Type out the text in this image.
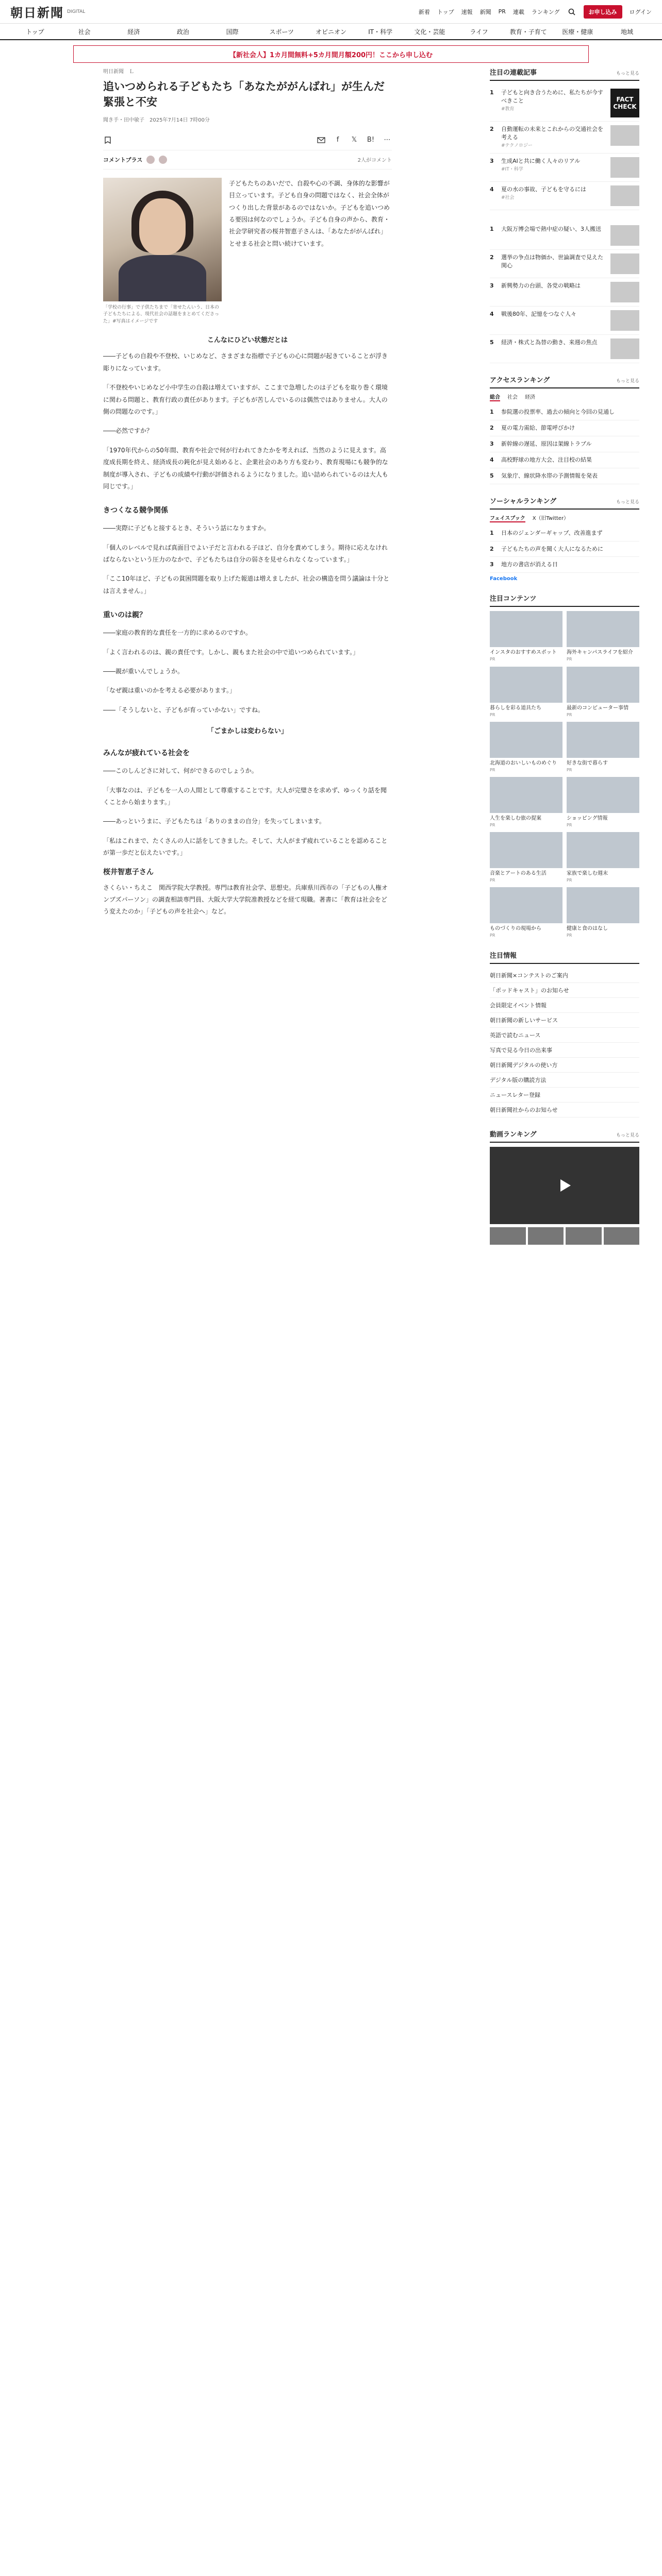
朝日新聞 DIGITAL	新着 トップ 速報 新聞 PR 連載 ランキング	お申し込み	ログイン
トップ	社会	経済	政治	国際	スポーツ	オピニオン	IT・科学	文化・芸能	ライフ	教育・子育て	医療・健康	地域
【新社会人】1カ月間無料+5カ月間月額200円！ここから申し込む
明日新聞　Ｌ
追いつめられる子どもたち「あなたががんばれ」が生んだ緊張と不安
聞き手・田中敏子　2025年7月14日 7時00分
f	𝕏 B! ⋯
コメントプラス	2人がコメント
「学校の行事」で子供たちまで「寄せたんいう、日本の子どもたちによる、現代社会の話題をまとめてくださった」#写真はイメージです
子どもたちのあいだで、自殺や心の不調、身体的な影響が目立っています。子ども自身の問題ではなく、社会全体がつくり出した背景があるのではないか。子どもを追いつめる要因は何なのでしょうか。子ども自身の声から、教育・社会学研究者の桜井智恵子さんは、「あなたががんばれ」とせまる社会と問い続けています。
こんなにひどい状態だとは

――子どもの自殺や不登校、いじめなど、さまざまな指標で子どもの心に問題が起きていることが浮き彫りになっています。

「不登校やいじめなど小中学生の自殺は増えていますが、ここまで急増したのは子どもを取り巻く環境に関わる問題と、教育行政の責任があります。子どもが苦しんでいるのは偶然ではありません。大人の側の問題なのです。」

――必然ですか？

「1970年代からの50年間、教育や社会で何が行われてきたかを考えれば、当然のように見えます。高度成長期を終え、経済成長の鈍化が見え始めると、企業社会のあり方も変わり、教育現場にも競争的な制度が導入され、子どもの成績や行動が評価されるようになりました。追い詰められているのは大人も同じです。」

きつくなる競争関係

――実際に子どもと接するとき、そういう話になりますか。

「個人のレベルで見れば真面目でよい子だと言われる子ほど、自分を責めてしまう。期待に応えなければならないという圧力のなかで、子どもたちは自分の弱さを見せられなくなっています。」

「ここ10年ほど、子どもの貧困問題を取り上げた報道は増えましたが、社会の構造を問う議論は十分とは言えません。」

重いのは親？

――家庭の教育的な責任を一方的に求めるのですか。

「よく言われるのは、親の責任です。しかし、親もまた社会の中で追いつめられています。」

――親が重いんでしょうか。

「なぜ親は重いのかを考える必要があります。」

――「そうしないと、子どもが育っていかない」ですね。

「ごまかしは変わらない」
みんなが疲れている社会を

――このしんどさに対して、何ができるのでしょうか。

「大事なのは、子どもを一人の人間として尊重することです。大人が完璧さを求めず、ゆっくり話を聞くことから始まります。」

――あっというまに、子どもたちは「ありのままの自分」を失ってしまいます。

「私はこれまで、たくさんの人に話をしてきました。そして、大人がまず疲れていることを認めることが第一歩だと伝えたいです。」

桜井智恵子さん

さくらい・ちえこ　関西学院大学教授。専門は教育社会学、思想史。兵庫県川西市の「子どもの人権オンブズパーソン」の調査相談専門員、大阪大学大学院准教授などを経て現職。著書に「教育は社会をどう変えたのか」「子どもの声を社会へ」など。

注目の連載記事	もっと見る
1	子どもと向き合うために、私たちが今すべきこと
#教育
FACT CHECK
2	自動運転の未来とこれからの交通社会を考える
#テクノロジー
3	生成AIと共に働く人々のリアル
#IT・科学
4	夏の水の事故、子どもを守るには
#社会
1	大阪万博会場で熱中症の疑い、3人搬送
2	選挙の争点は物価か、世論調査で見えた関心
3	新興勢力の台頭、各党の戦略は
4	戦後80年、記憶をつなぐ人々
5	経済・株式と為替の動き、来週の焦点
アクセスランキング	もっと見る
総合 社会 経済
1	参院選の投票率、過去の傾向と今回の見通し
2	夏の電力需給、節電呼びかけ
3	新幹線の遅延、原因は架線トラブル
4	高校野球の地方大会、注目校の結果
5	気象庁、線状降水帯の予測情報を発表
ソーシャルランキング	もっと見る
フェイスブック X（旧Twitter）
1	日本のジェンダーギャップ、改善進まず
2	子どもたちの声を聞く大人になるために
3	地方の書店が消える日
Facebook
注目コンテンツ
インスタのおすすめスポット
PR
海外キャンパスライフを紹介
PR
暮らしを彩る道具たち
PR
最新のコンピューター事情
PR
北海道のおいしいものめぐり
PR
好きな街で暮らす
PR
人生を楽しむ旅の提案
PR
ショッピング情報
PR
音楽とアートのある生活
PR
家族で楽しむ週末
PR
ものづくりの現場から
PR
健康と食のはなし
PR
注目情報
朝日新聞×コンテストのご案内
「ポッドキャスト」のお知らせ
会員限定イベント情報
朝日新聞の新しいサービス
英語で読むニュース
写真で見る今日の出来事
朝日新聞デジタルの使い方
デジタル版の購読方法
ニュースレター登録
朝日新聞社からのお知らせ
動画ランキング	もっと見る
